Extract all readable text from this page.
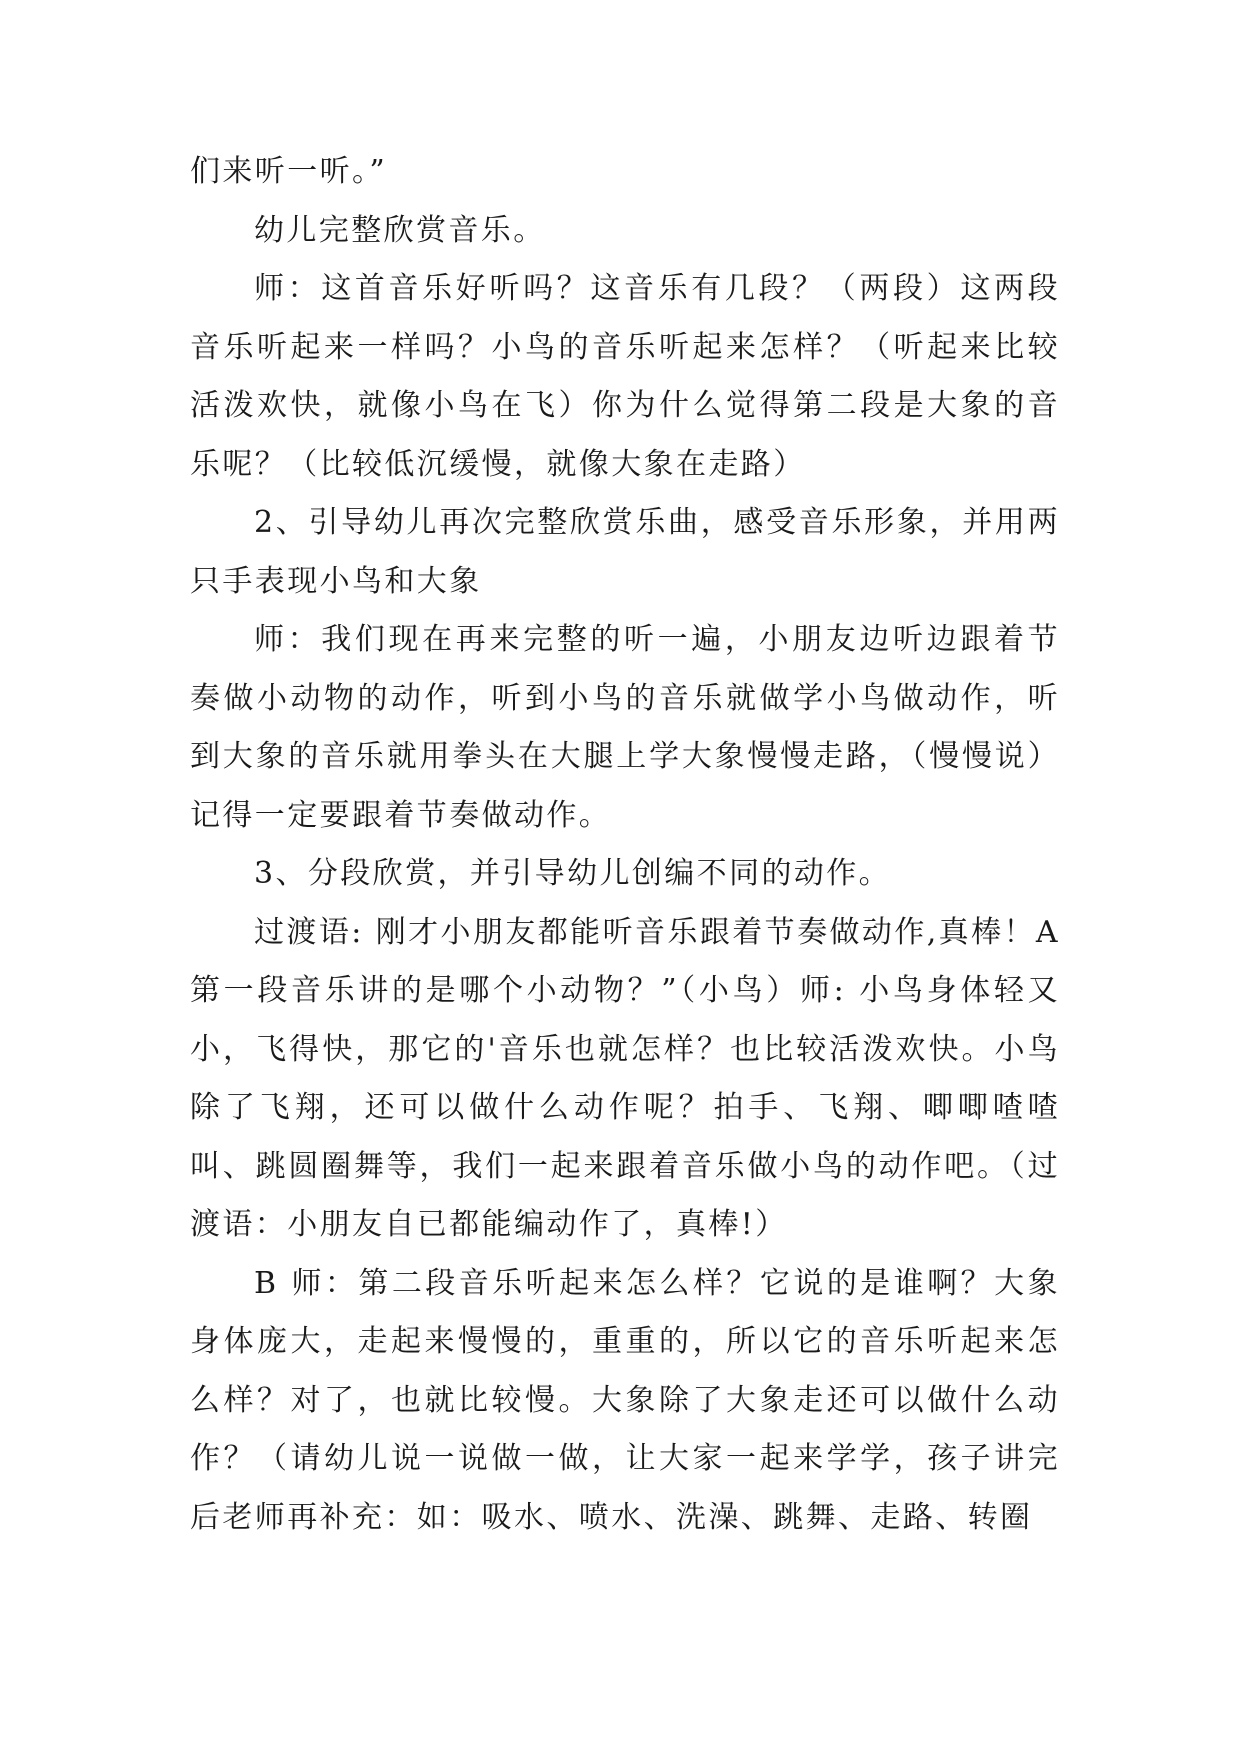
们来听一听。”

幼儿完整欣赏音乐。

师：这首音乐好听吗？这音乐有几段？（两段）这两段音乐听起来一样吗？小鸟的音乐听起来怎样？（听起来比较活泼欢快，就像小鸟在飞）你为什么觉得第二段是大象的音乐呢？（比较低沉缓慢，就像大象在走路）

2、引导幼儿再次完整欣赏乐曲，感受音乐形象，并用两只手表现小鸟和大象

师：我们现在再来完整的听一遍，小朋友边听边跟着节奏做小动物的动作，听到小鸟的音乐就做学小鸟做动作，听到大象的音乐就用拳头在大腿上学大象慢慢走路，（慢慢说）记得一定要跟着节奏做动作。

3、分段欣赏，并引导幼儿创编不同的动作。

过渡语: 刚才小朋友都能听音乐跟着节奏做动作,真棒！A 第一段音乐讲的是哪个小动物？”（小鸟）师: 小鸟身体轻又小，飞得快，那它的'音乐也就怎样？也比较活泼欢快。小鸟除了飞翔，还可以做什么动作呢？拍手、飞翔、唧唧喳喳叫、跳圆圈舞等，我们一起来跟着音乐做小鸟的动作吧。（过渡语：小朋友自已都能编动作了，真棒!）

B 师：第二段音乐听起来怎么样？它说的是谁啊？大象身体庞大，走起来慢慢的，重重的，所以它的音乐听起来怎么样？对了，也就比较慢。大象除了大象走还可以做什么动作？（请幼儿说一说做一做，让大家一起来学学，孩子讲完后老师再补充：如：吸水、喷水、洗澡、跳舞、走路、转圈
